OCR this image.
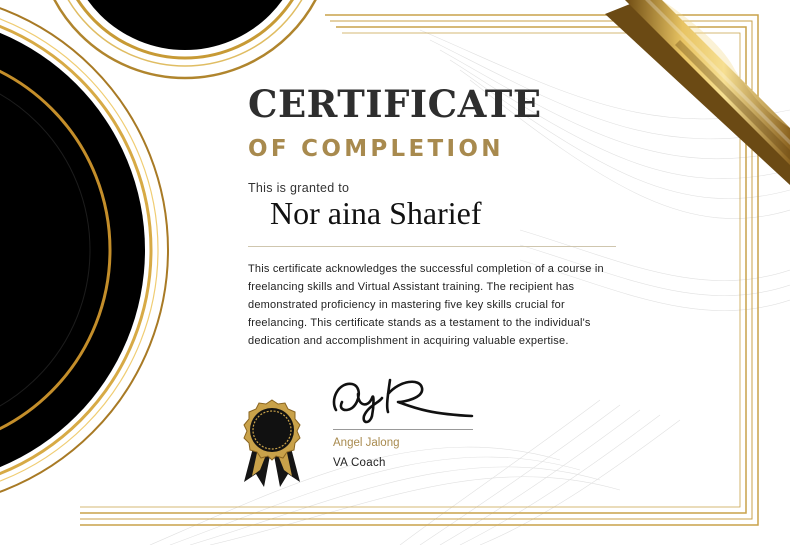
CERTIFICATE
OF COMPLETION
This is granted to
Nor aina Sharief

This certificate acknowledges the successful completion of a course in freelancing skills and Virtual Assistant training. The recipient has demonstrated proficiency in mastering five key skills crucial for freelancing. This certificate stands as a testament to the individual's dedication and accomplishment in acquiring valuable expertise.

Angel Jalong
VA Coach
